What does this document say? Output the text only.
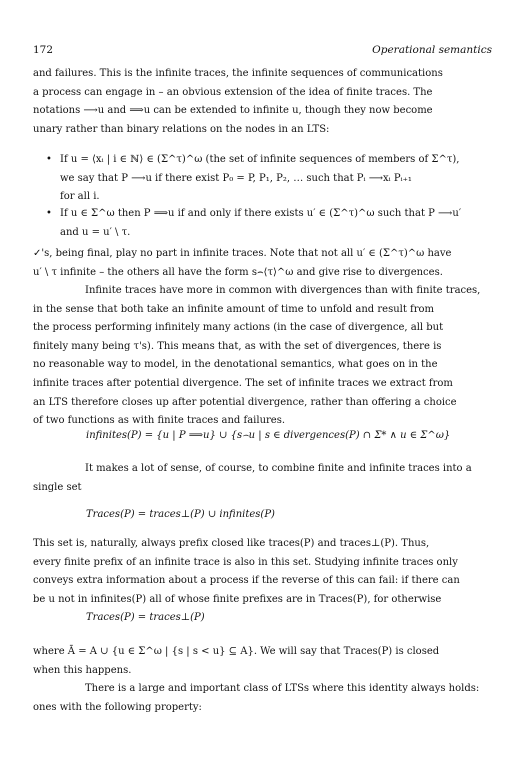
172	Operational semantics
and failures. This is the infinite traces, the infinite sequences of communications
a process can engage in – an obvious extension of the idea of finite traces. The
notations ⟶u and ⟹u can be extended to infinite u, though they now become
unary rather than binary relations on the nodes in an LTS:
• If u = ⟨xᵢ | i ∈ ℕ⟩ ∈ (Σ^τ)^ω (the set of infinite sequences of members of Σ^τ),
we say that P ⟶u if there exist P₀ = P, P₁, P₂, … such that Pᵢ ⟶xᵢ Pᵢ₊₁
for all i.
• If u ∈ Σ^ω then P ⟹u if and only if there exists u′ ∈ (Σ^τ)^ω such that P ⟶u′
and u = u′ \ τ.
✓'s, being final, play no part in infinite traces. Note that not all u′ ∈ (Σ^τ)^ω have
u′ \ τ infinite – the others all have the form s⌢⟨τ⟩^ω and give rise to divergences.
Infinite traces have more in common with divergences than with finite traces,
in the sense that both take an infinite amount of time to unfold and result from
the process performing infinitely many actions (in the case of divergence, all but
finitely many being τ's). This means that, as with the set of divergences, there is
no reasonable way to model, in the denotational semantics, what goes on in the
infinite traces after potential divergence. The set of infinite traces we extract from
an LTS therefore closes up after potential divergence, rather than offering a choice
of two functions as with finite traces and failures.
infinites(P) = {u | P ⟹u} ∪ {s⌢u | s ∈ divergences(P) ∩ Σ* ∧ u ∈ Σ^ω}
It makes a lot of sense, of course, to combine finite and infinite traces into a
single set
Traces(P) = traces⊥(P) ∪ infinites(P)
This set is, naturally, always prefix closed like traces(P) and traces⊥(P). Thus,
every finite prefix of an infinite trace is also in this set. Studying infinite traces only
conveys extra information about a process if the reverse of this can fail: if there can
be u not in infinites(P) all of whose finite prefixes are in Traces(P), for otherwise
Traces(P) = traces⊥(P)
where Ā = A ∪ {u ∈ Σ^ω | {s | s < u} ⊆ A}. We will say that Traces(P) is closed
when this happens.
There is a large and important class of LTSs where this identity always holds:
ones with the following property:
